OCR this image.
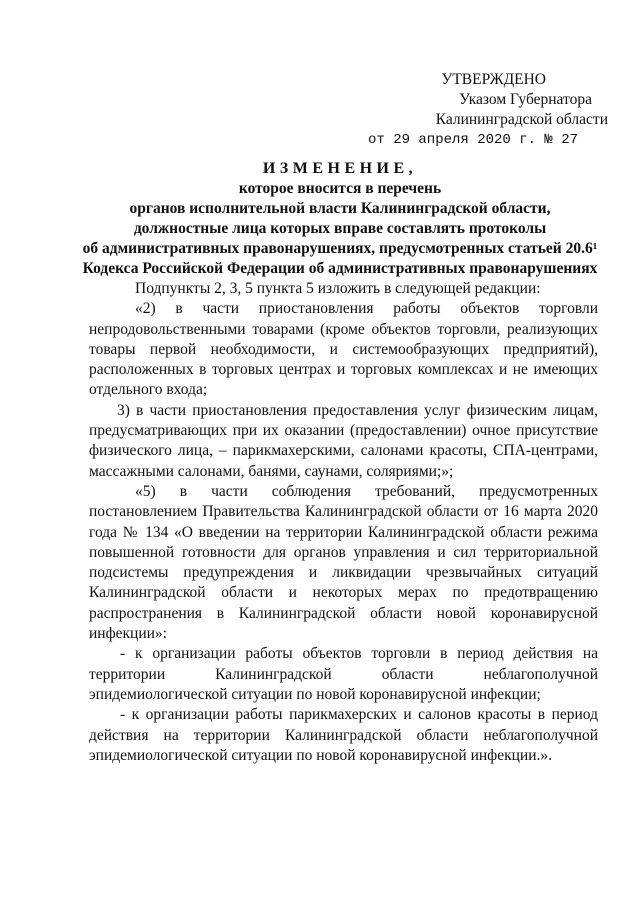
УТВЕРЖДЕНО
Указом Губернатора
Калининградской области
от 29 апреля 2020 г. № 27
ИЗМЕНЕНИЕ,
которое вносится в перечень
органов исполнительной власти Калининградской области,
должностные лица которых вправе составлять протоколы
об административных правонарушениях, предусмотренных статьей 20.6¹
Кодекса Российской Федерации об административных правонарушениях

Подпункты 2, 3, 5 пункта 5 изложить в следующей редакции:

«2) в части приостановления работы объектов торговли непродовольственными товарами (кроме объектов торговли, реализующих товары первой необходимости, и системообразующих предприятий), расположенных в торговых центрах и торговых комплексах и не имеющих отдельного входа;

3) в части приостановления предоставления услуг физическим лицам, предусматривающих при их оказании (предоставлении) очное присутствие физического лица, – парикмахерскими, салонами красоты, СПА-центрами, массажными салонами, банями, саунами, соляриями;»;

«5) в части соблюдения требований, предусмотренных постановлением Правительства Калининградской области от 16 марта 2020 года № 134 «О введении на территории Калининградской области режима повышенной готовности для органов управления и сил территориальной подсистемы предупреждения и ликвидации чрезвычайных ситуаций Калининградской области и некоторых мерах по предотвращению распространения в Калининградской области новой коронавирусной инфекции»:

- к организации работы объектов торговли в период действия на территории Калининградской области неблагополучной эпидемиологической ситуации по новой коронавирусной инфекции;

- к организации работы парикмахерских и салонов красоты в период действия на территории Калининградской области неблагополучной эпидемиологической ситуации по новой коронавирусной инфекции.».
